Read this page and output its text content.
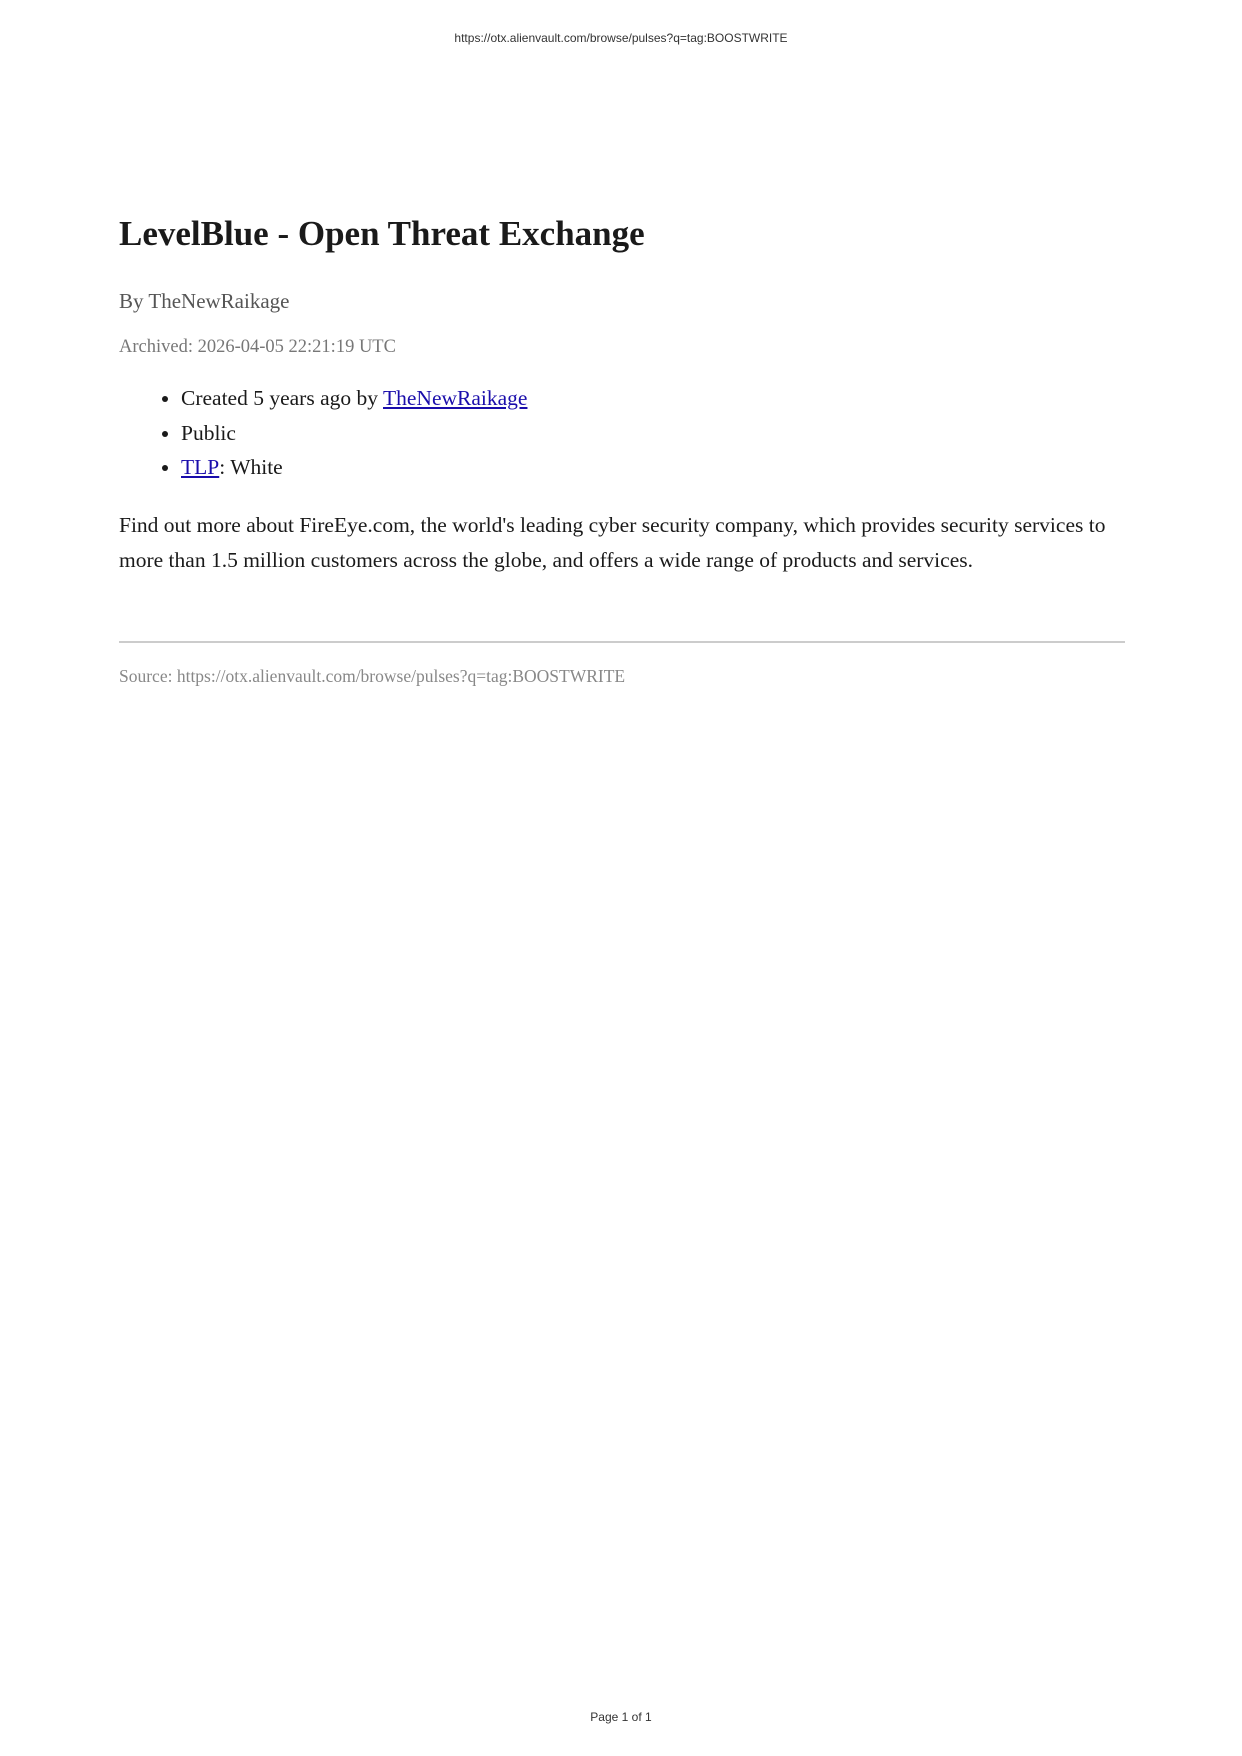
https://otx.alienvault.com/browse/pulses?q=tag:BOOSTWRITE
LevelBlue - Open Threat Exchange
By TheNewRaikage
Archived: 2026-04-05 22:21:19 UTC
• Created 5 years ago by TheNewRaikage
• Public
• TLP: White

Find out more about FireEye.com, the world's leading cyber security company, which provides security services to more than 1.5 million customers across the globe, and offers a wide range of products and services.

Source: https://otx.alienvault.com/browse/pulses?q=tag:BOOSTWRITE
Page 1 of 1
